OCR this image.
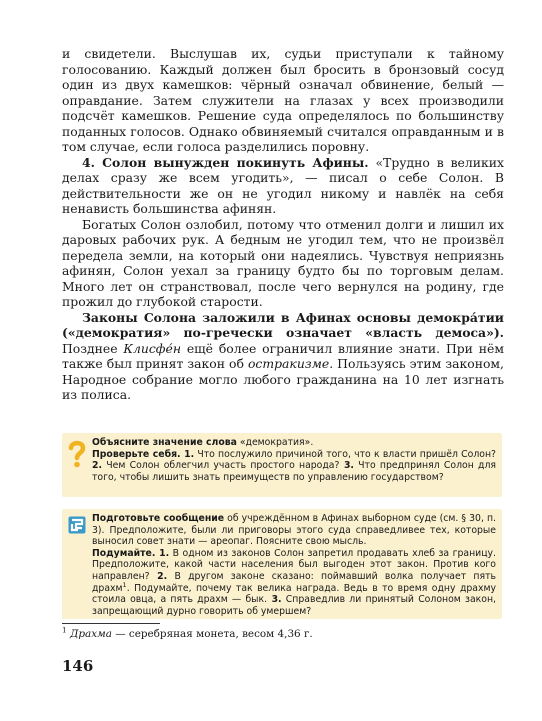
и свидетели. Выслушав их, судьи приступали к тайному голосованию. Каждый должен был бросить в бронзовый сосуд один из двух камешков: чёрный означал обвинение, белый — оправдание. Затем служители на глазах у всех производили подсчёт камешков. Решение суда определялось по большинству поданных голосов. Однако обвиняемый считался оправданным и в том случае, если голоса разделились поровну.

4. Солон вынужден покинуть Афины. «Трудно в великих делах сразу же всем угодить», — писал о себе Солон. В действительности же он не угодил никому и навлёк на себя ненависть большинства афинян.

Богатых Солон озлобил, потому что отменил долги и лишил их даровых рабочих рук. А бедным не угодил тем, что не произвёл передела земли, на который они надеялись. Чувствуя неприязнь афинян, Солон уехал за границу будто бы по торговым делам. Много лет он странствовал, после чего вернулся на родину, где прожил до глубокой старости.

Законы Солона заложили в Афинах основы демокра́тии («демократия» по-гречески означает «власть демоса»). Позднее Клисфе́н ещё более ограничил влияние знати. При нём также был принят закон об остракизме. Пользуясь этим законом, Народное собрание могло любого гражданина на 10 лет изгнать из полиса.

Объясните значение слова «демократия».

Проверьте себя. 1. Что послужило причиной того, что к власти пришёл Солон? 2. Чем Солон облегчил участь простого народа? 3. Что предпринял Солон для того, чтобы лишить знать преимуществ по управлению государством?

Подготовьте сообщение об учреждённом в Афинах выборном суде (см. § 30, п. 3). Предположите, были ли приговоры этого суда справедливее тех, которые выносил совет знати — ареопаг. Поясните свою мысль.

Подумайте. 1. В одном из законов Солон запретил продавать хлеб за границу. Предположите, какой части населения был выгоден этот закон. Против кого направлен? 2. В другом законе сказано: поймавший волка получает пять драхм$^1$. Подумайте, почему так велика награда. Ведь в то время одну драхму стоила овца, а пять драхм — бык. 3. Справедлив ли принятый Солоном закон, запрещающий дурно говорить об умершем?

$^1$ Драхма — серебряная монета, весом 4,36 г.
146
